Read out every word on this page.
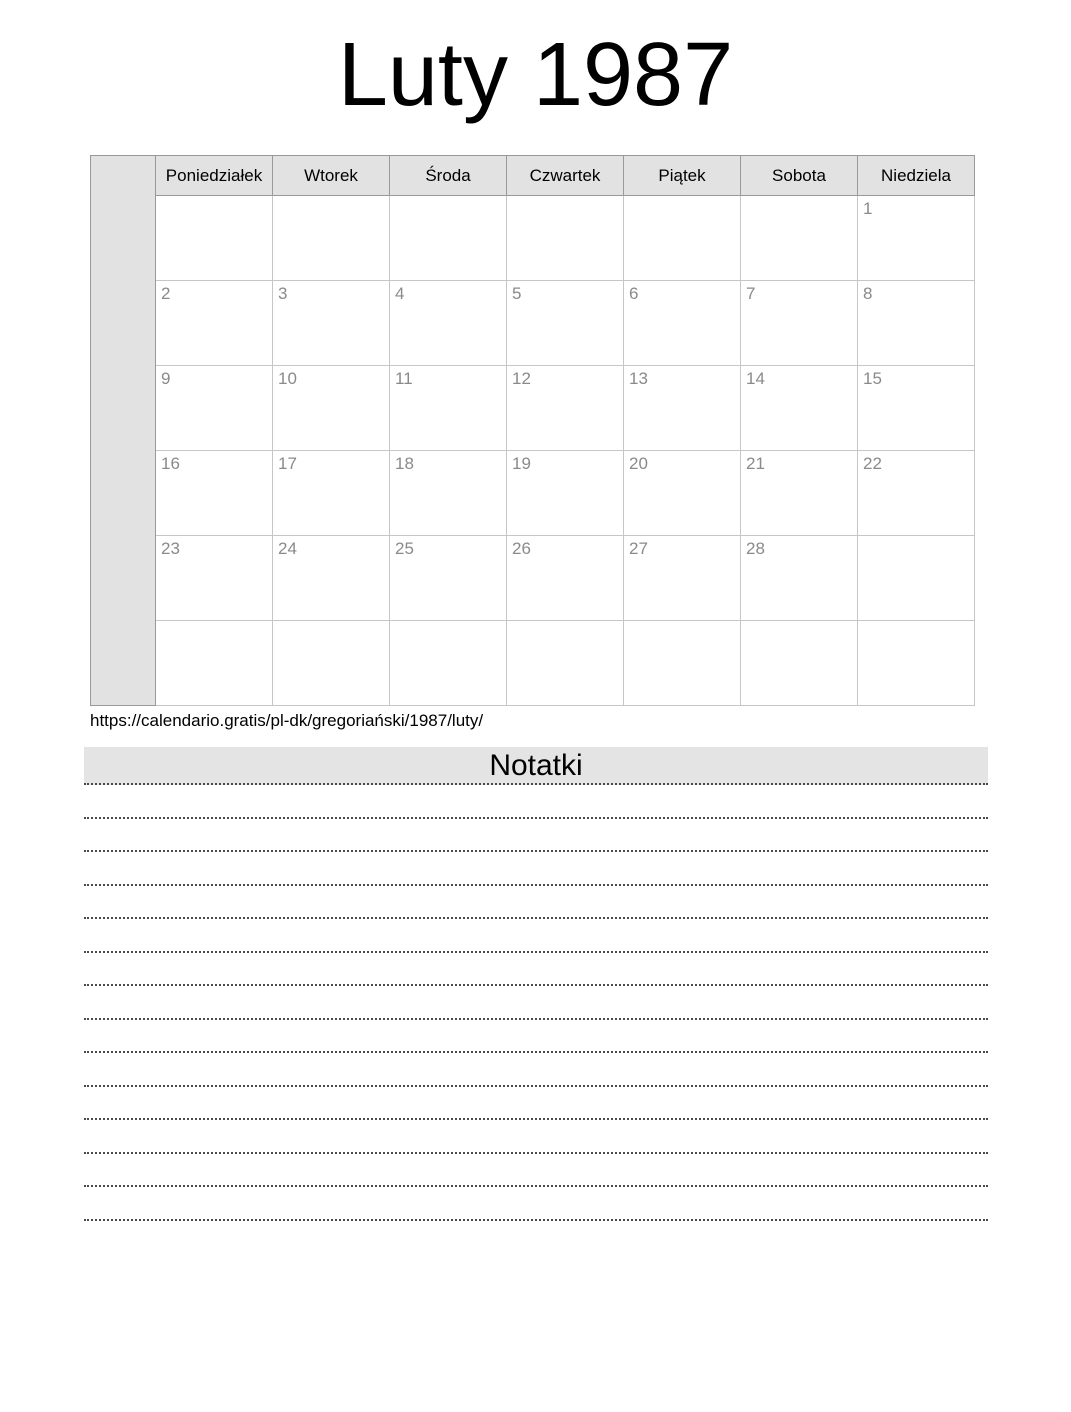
Luty 1987
	Poniedziałek	Wtorek	Środa	Czwartek	Piątek	Sobota	Niedziela
							1
	2	3	4	5	6	7	8
	9	10	11	12	13	14	15
	16	17	18	19	20	21	22
	23	24	25	26	27	28	

https://calendario.gratis/pl-dk/gregoriański/1987/luty/
Notatki
